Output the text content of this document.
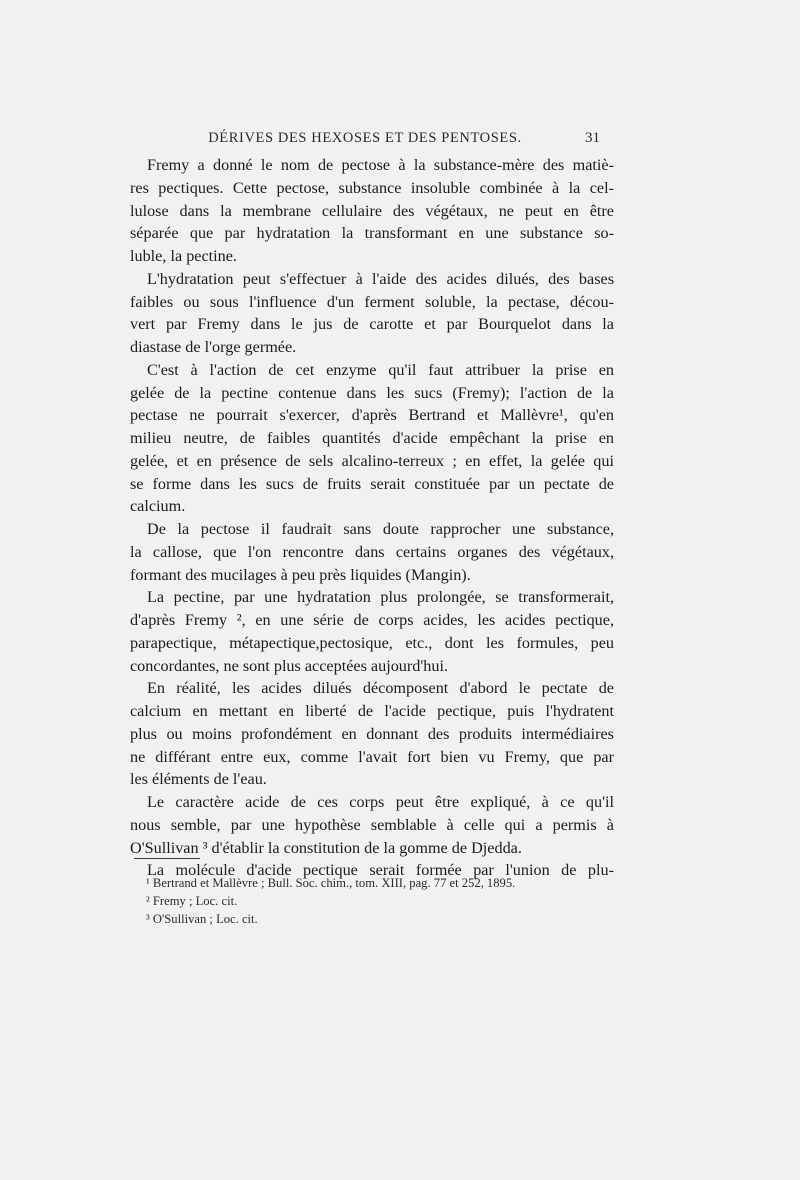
DÉRIVES DES HEXOSES ET DES PENTOSES.	31
Fremy a donné le nom de pectose à la substance-mère des matiè-
res pectiques. Cette pectose, substance insoluble combinée à la cel-
lulose dans la membrane cellulaire des végétaux, ne peut en être
séparée que par hydratation la transformant en une substance so-
luble, la pectine.
L'hydratation peut s'effectuer à l'aide des acides dilués, des bases
faibles ou sous l'influence d'un ferment soluble, la pectase, décou-
vert par Fremy dans le jus de carotte et par Bourquelot dans la
diastase de l'orge germée.
C'est à l'action de cet enzyme qu'il faut attribuer la prise en
gelée de la pectine contenue dans les sucs (Fremy); l'action de la
pectase ne pourrait s'exercer, d'après Bertrand et Mallèvre¹, qu'en
milieu neutre, de faibles quantités d'acide empêchant la prise en
gelée, et en présence de sels alcalino-terreux ; en effet, la gelée qui
se forme dans les sucs de fruits serait constituée par un pectate de
calcium.
De la pectose il faudrait sans doute rapprocher une substance,
la callose, que l'on rencontre dans certains organes des végétaux,
formant des mucilages à peu près liquides (Mangin).
La pectine, par une hydratation plus prolongée, se transformerait,
d'après Fremy ², en une série de corps acides, les acides pectique,
parapectique, métapectique,pectosique, etc., dont les formules, peu
concordantes, ne sont plus acceptées aujourd'hui.
En réalité, les acides dilués décomposent d'abord le pectate de
calcium en mettant en liberté de l'acide pectique, puis l'hydratent
plus ou moins profondément en donnant des produits intermédiaires
ne différant entre eux, comme l'avait fort bien vu Fremy, que par
les éléments de l'eau.
Le caractère acide de ces corps peut être expliqué, à ce qu'il
nous semble, par une hypothèse semblable à celle qui a permis à
O'Sullivan ³ d'établir la constitution de la gomme de Djedda.
La molécule d'acide pectique serait formée par l'union de plu-
¹ Bertrand et Mallèvre ; Bull. Soc. chim., tom. XIII, pag. 77 et 252, 1895.
² Fremy ; Loc. cit.
³ O'Sullivan ; Loc. cit.
